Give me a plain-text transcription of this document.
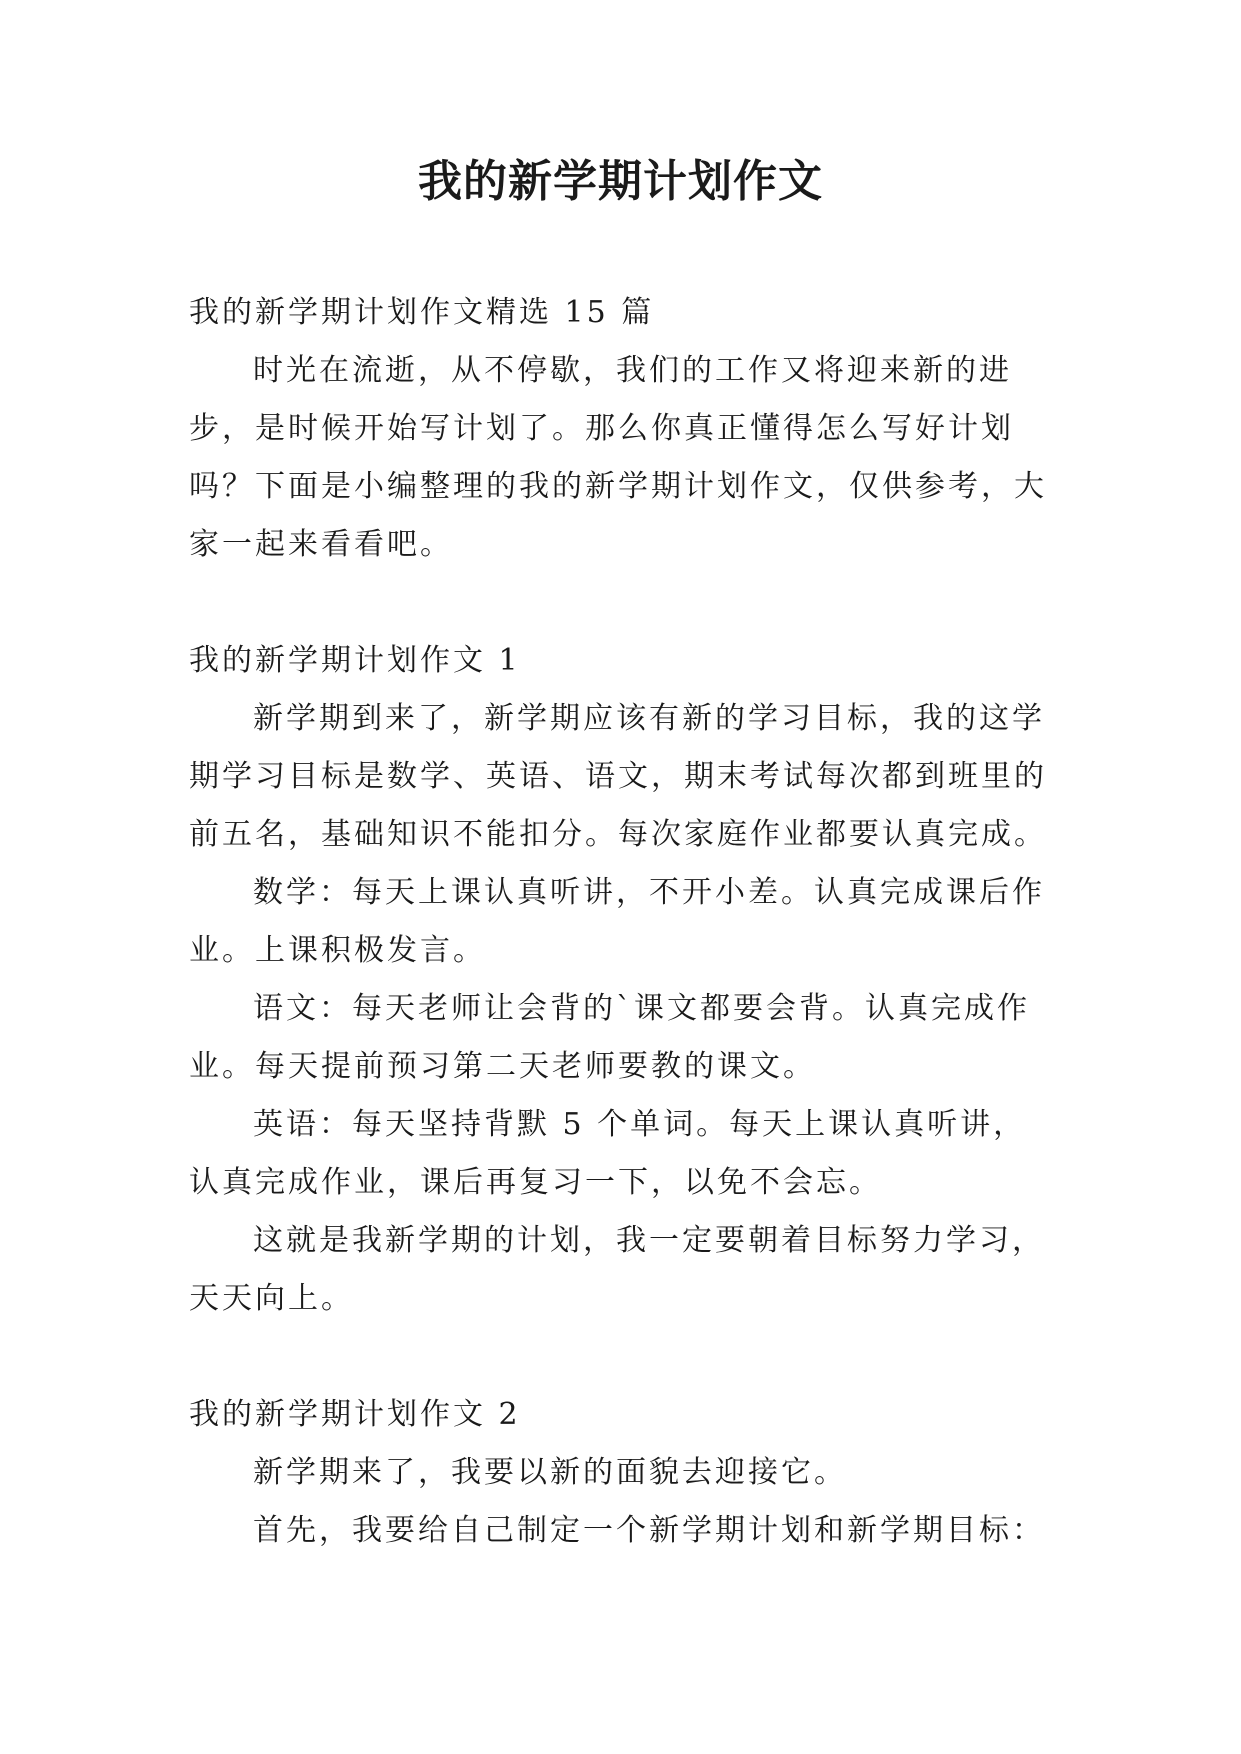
我的新学期计划作文

我的新学期计划作文精选 15 篇

时光在流逝，从不停歇，我们的工作又将迎来新的进步，是时候开始写计划了。那么你真正懂得怎么写好计划吗？下面是小编整理的我的新学期计划作文，仅供参考，大家一起来看看吧。

我的新学期计划作文 1

新学期到来了，新学期应该有新的学习目标，我的这学期学习目标是数学、英语、语文，期末考试每次都到班里的前五名，基础知识不能扣分。每次家庭作业都要认真完成。

数学：每天上课认真听讲，不开小差。认真完成课后作业。上课积极发言。

语文：每天老师让会背的`课文都要会背。认真完成作业。每天提前预习第二天老师要教的课文。

英语：每天坚持背默 5 个单词。每天上课认真听讲，认真完成作业，课后再复习一下，以免不会忘。

这就是我新学期的计划，我一定要朝着目标努力学习，天天向上。

我的新学期计划作文 2

新学期来了，我要以新的面貌去迎接它。

首先，我要给自己制定一个新学期计划和新学期目标：
